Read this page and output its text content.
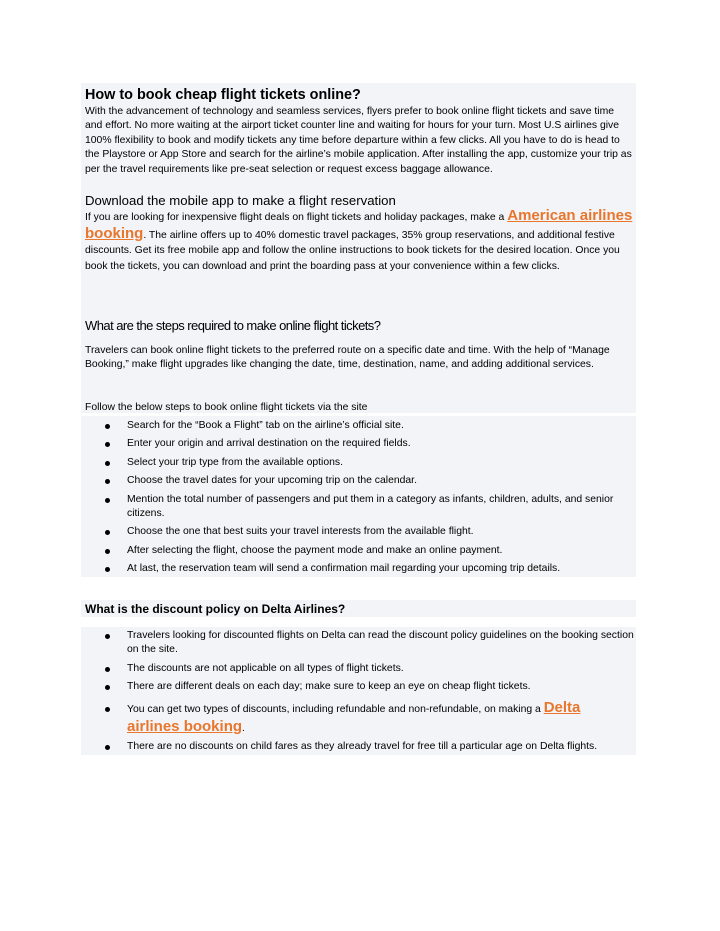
How to book cheap flight tickets online?

With the advancement of technology and seamless services, flyers prefer to book online flight tickets and save time and effort. No more waiting at the airport ticket counter line and waiting for hours for your turn. Most U.S airlines give 100% flexibility to book and modify tickets any time before departure within a few clicks. All you have to do is head to the Playstore or App Store and search for the airline’s mobile application. After installing the app, customize your trip as per the travel requirements like pre-seat selection or request excess baggage allowance.

Download the mobile app to make a flight reservation

If you are looking for inexpensive flight deals on flight tickets and holiday packages, make a American airlines booking. The airline offers up to 40% domestic travel packages, 35% group reservations, and additional festive discounts. Get its free mobile app and follow the online instructions to book tickets for the desired location. Once you book the tickets, you can download and print the boarding pass at your convenience within a few clicks.

What are the steps required to make online flight tickets?

Travelers can book online flight tickets to the preferred route on a specific date and time. With the help of “Manage Booking,” make flight upgrades like changing the date, time, destination, name, and adding additional services.

Follow the below steps to book online flight tickets via the site

Search for the “Book a Flight” tab on the airline’s official site.

Enter your origin and arrival destination on the required fields.

Select your trip type from the available options.

Choose the travel dates for your upcoming trip on the calendar.

Mention the total number of passengers and put them in a category as infants, children, adults, and senior citizens.

Choose the one that best suits your travel interests from the available flight.

After selecting the flight, choose the payment mode and make an online payment.

At last, the reservation team will send a confirmation mail regarding your upcoming trip details.

What is the discount policy on Delta Airlines?

Travelers looking for discounted flights on Delta can read the discount policy guidelines on the booking section on the site.

The discounts are not applicable on all types of flight tickets.

There are different deals on each day; make sure to keep an eye on cheap flight tickets.

You can get two types of discounts, including refundable and non-refundable, on making a Delta airlines booking.

There are no discounts on child fares as they already travel for free till a particular age on Delta flights.
